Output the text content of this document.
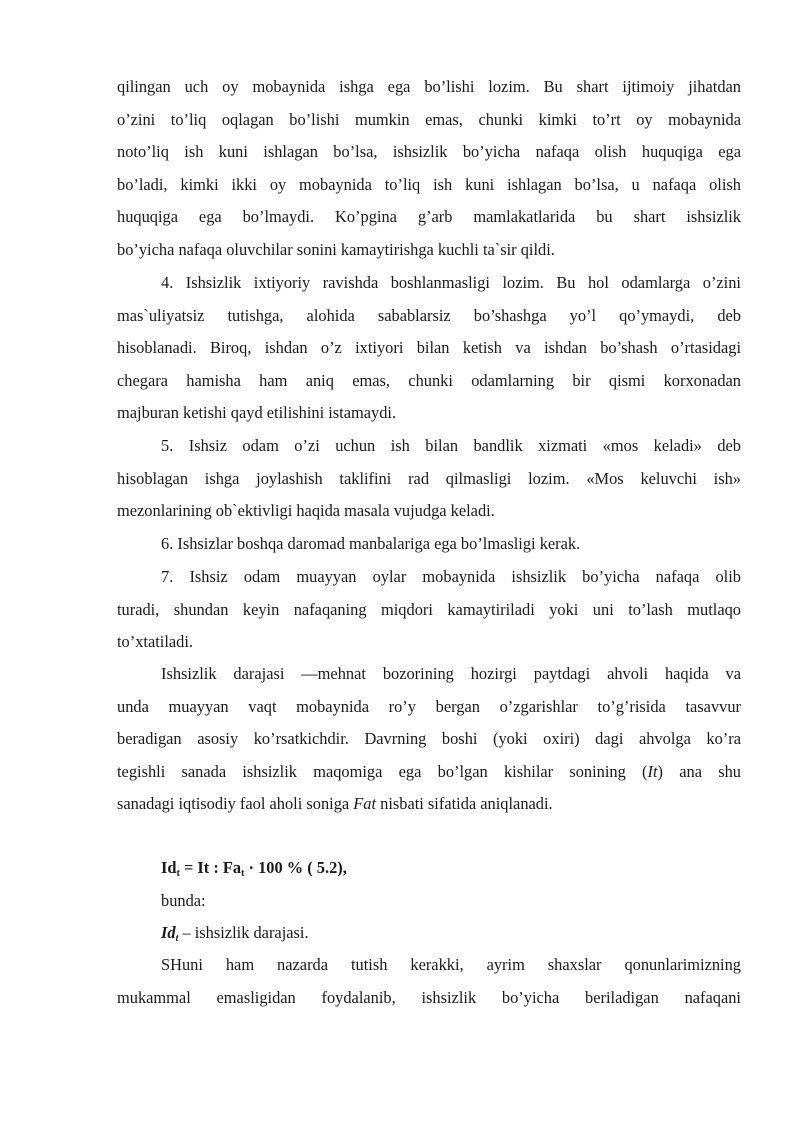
qilingan uch oy mobaynida ishga ega bo’lishi lozim. Bu shart ijtimoiy jihatdan
o’zini to’liq oqlagan bo’lishi mumkin emas, chunki kimki to’rt oy mobaynida
noto’liq ish kuni ishlagan bo’lsa, ishsizlik bo’yicha nafaqa olish huquqiga ega
bo’ladi, kimki ikki oy mobaynida to’liq ish kuni ishlagan bo’lsa, u nafaqa olish
huquqiga ega bo’lmaydi. Ko’pgina g’arb mamlakatlarida bu shart ishsizlik
bo’yicha nafaqa oluvchilar sonini kamaytirishga kuchli ta`sir qildi.
4. Ishsizlik ixtiyoriy ravishda boshlanmasligi lozim. Bu hol odamlarga o’zini
mas`uliyatsiz tutishga, alohida sabablarsiz bo’shashga yo’l qo’ymaydi, deb
hisoblanadi. Biroq, ishdan o’z ixtiyori bilan ketish va ishdan bo’shash o’rtasidagi
chegara hamisha ham aniq emas, chunki odamlarning bir qismi korxonadan
majburan ketishi qayd etilishini istamaydi.
5. Ishsiz odam o’zi uchun ish bilan bandlik xizmati «mos keladi» deb
hisoblagan ishga joylashish taklifini rad qilmasligi lozim. «Mos keluvchi ish»
mezonlarining ob`ektivligi haqida masala vujudga keladi.
6. Ishsizlar boshqa daromad manbalariga ega bo’lmasligi kerak.
7. Ishsiz odam muayyan oylar mobaynida ishsizlik bo’yicha nafaqa olib
turadi, shundan keyin nafaqaning miqdori kamaytiriladi yoki uni to’lash mutlaqo
to’xtatiladi.
Ishsizlik darajasi —mehnat bozorining hozirgi paytdagi ahvoli haqida va
unda muayyan vaqt mobaynida ro’y bergan o’zgarishlar to’g’risida tasavvur
beradigan asosiy ko’rsatkichdir. Davrning boshi (yoki oxiri) dagi ahvolga ko’ra
tegishli sanada ishsizlik maqomiga ega bo’lgan kishilar sonining (It) ana shu
sanadagi iqtisodiy faol aholi soniga Fat nisbati sifatida aniqlanadi.
$Id_t = It$ : $Fa_t \cdot 100$ % ( 5.2),
bunda:
$Id_t$ – ishsizlik darajasi.
SHuni ham nazarda tutish kerakki, ayrim shaxslar qonunlarimizning
mukammal emasligidan foydalanib, ishsizlik bo’yicha beriladigan nafaqani
